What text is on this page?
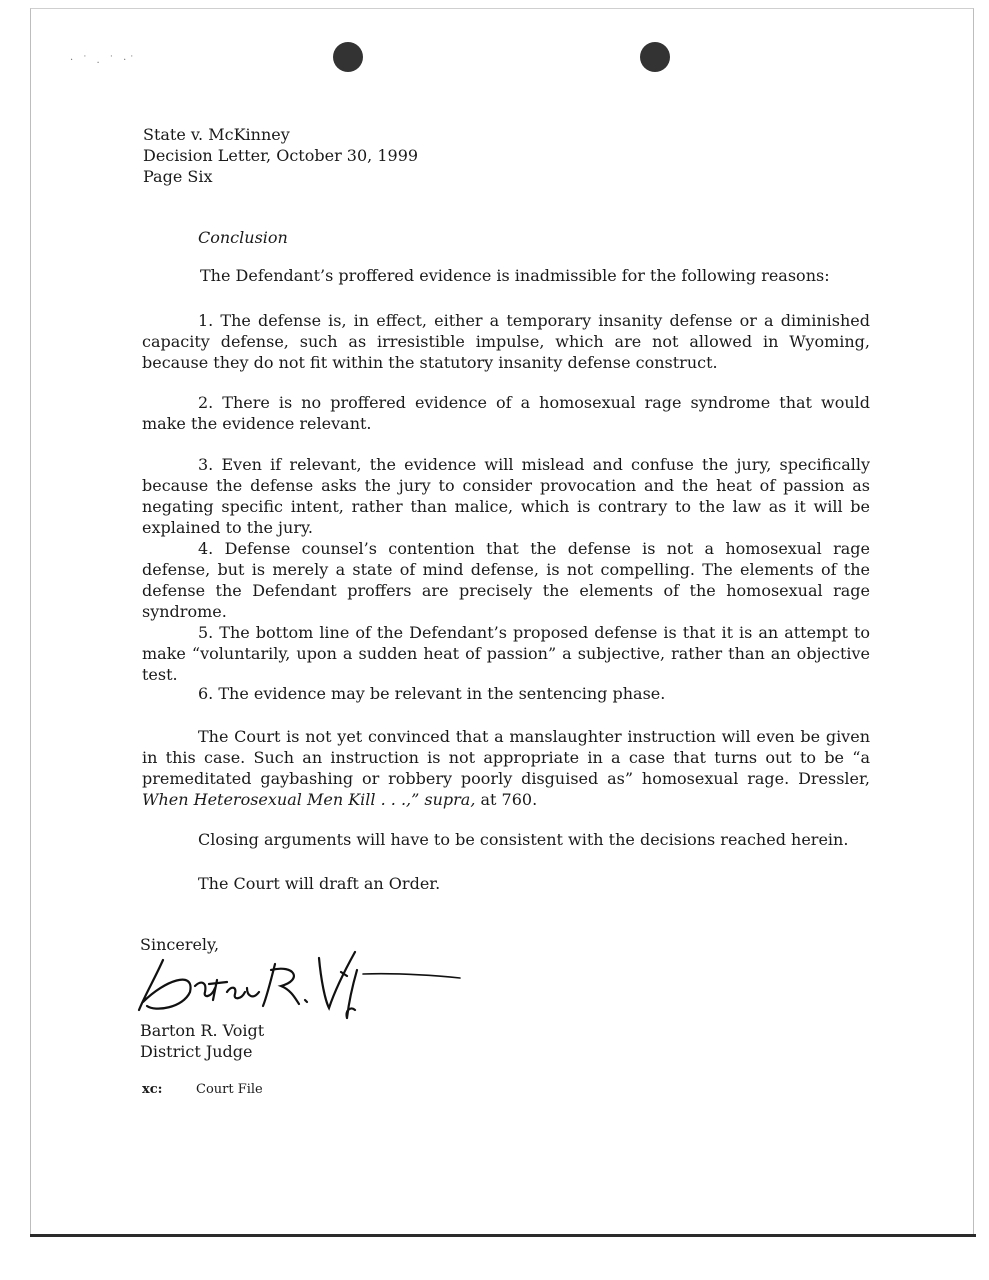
· ˙ . ˙ ·˙
State v. McKinney
Decision Letter, October 30, 1999
Page Six
Conclusion
The Defendant’s proffered evidence is inadmissible for the following reasons:

1. The defense is, in effect, either a temporary insanity defense or a diminished capacity defense, such as irresistible impulse, which are not allowed in Wyoming, because they do not fit within the statutory insanity defense construct.

2. There is no proffered evidence of a homosexual rage syndrome that would make the evidence relevant.

3. Even if relevant, the evidence will mislead and confuse the jury, specifically because the defense asks the jury to consider provocation and the heat of passion as negating specific intent, rather than malice, which is contrary to the law as it will be explained to the jury.

4. Defense counsel’s contention that the defense is not a homosexual rage defense, but is merely a state of mind defense, is not compelling. The elements of the defense the Defendant proffers are precisely the elements of the homosexual rage syndrome.

5. The bottom line of the Defendant’s proposed defense is that it is an attempt to make “voluntarily, upon a sudden heat of passion” a subjective, rather than an objective test.

6. The evidence may be relevant in the sentencing phase.

The Court is not yet convinced that a manslaughter instruction will even be given in this case. Such an instruction is not appropriate in a case that turns out to be “a premeditated gaybashing or robbery poorly disguised as” homosexual rage. Dressler, When Heterosexual Men Kill . . .,” supra, at 760.

Closing arguments will have to be consistent with the decisions reached herein.
The Court will draft an Order.
Sincerely,
Barton R. Voigt
District Judge
xc:	Court File
